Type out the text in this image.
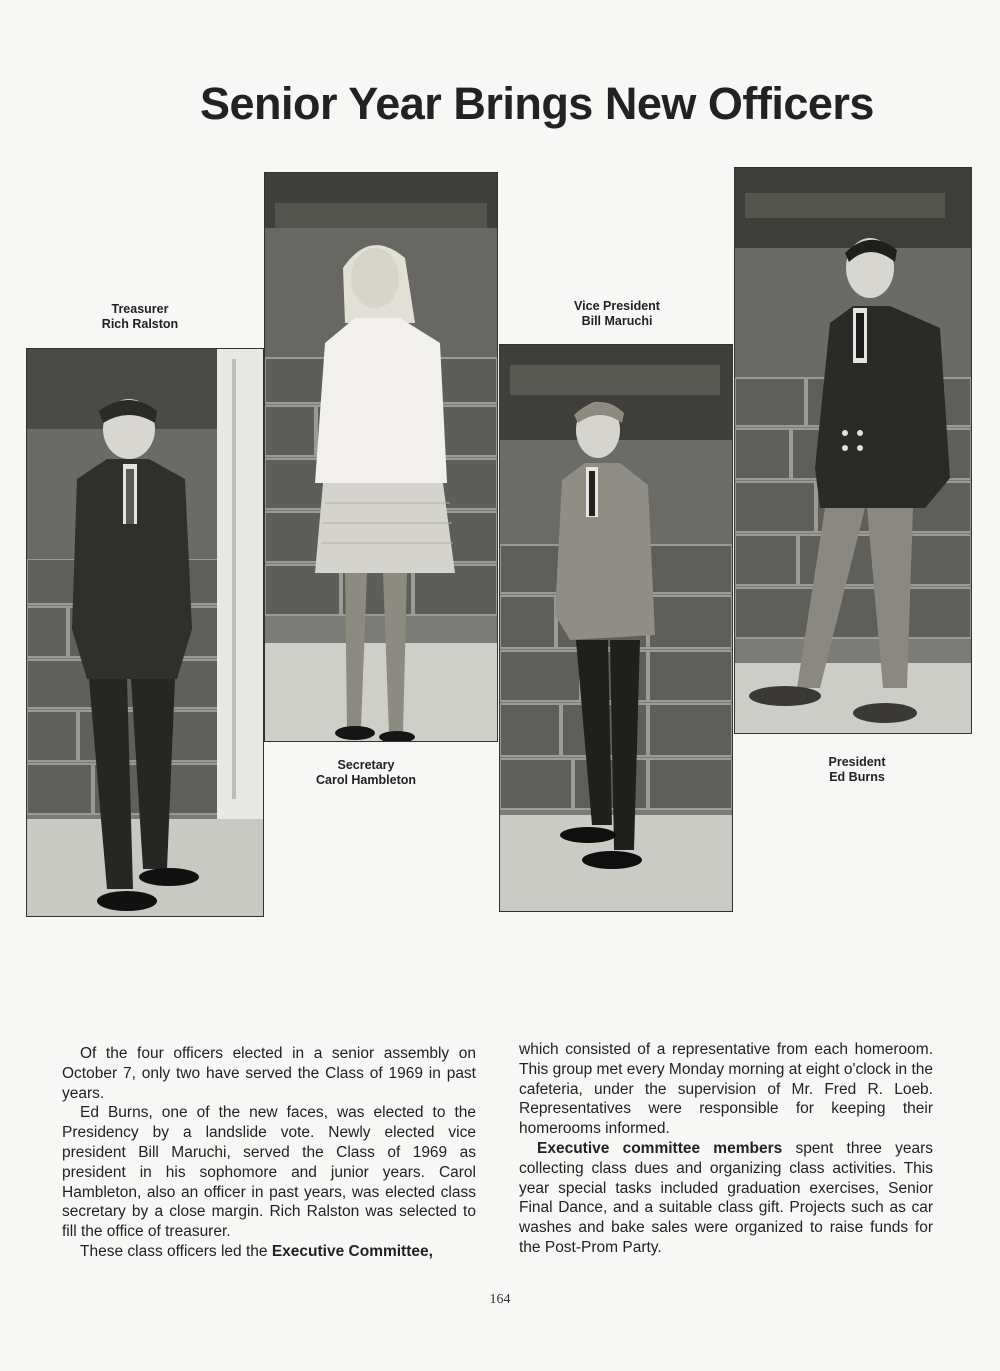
Senior Year Brings New Officers
Treasurer
Rich Ralston
Secretary
Carol Hambleton
Vice President
Bill Maruchi
President
Ed Burns

Of the four officers elected in a senior assembly on October 7, only two have served the Class of 1969 in past years.

Ed Burns, one of the new faces, was elected to the Presidency by a landslide vote. Newly elected vice president Bill Maruchi, served the Class of 1969 as president in his sophomore and junior years. Carol Hambleton, also an officer in past years, was elected class secretary by a close margin. Rich Ralston was selected to fill the office of treasurer.

These class officers led the Executive Committee,

which consisted of a representative from each homeroom. This group met every Monday morning at eight o'clock in the cafeteria, under the supervision of Mr. Fred R. Loeb. Representatives were responsible for keeping their homerooms informed.

Executive committee members spent three years collecting class dues and organizing class activities. This year special tasks included graduation exercises, Senior Final Dance, and a suitable class gift. Projects such as car washes and bake sales were organized to raise funds for the Post-Prom Party.

164
